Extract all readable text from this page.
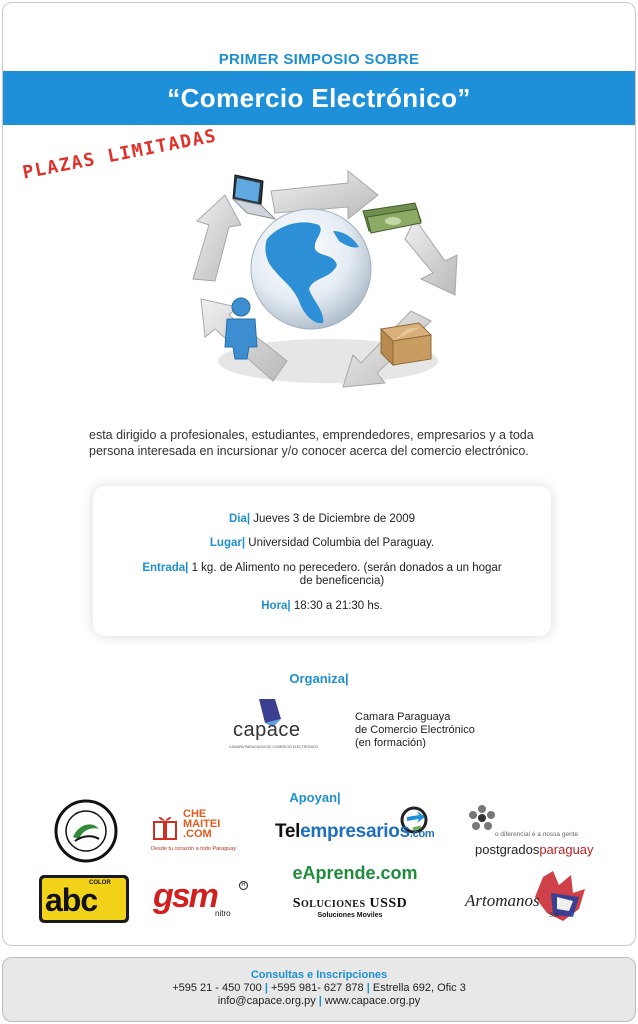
PRIMER SIMPOSIO SOBRE
“Comercio Electrónico”
PLAZAS LIMITADAS

esta dirigido a profesionales, estudiantes, emprendedores, empresarios y a toda persona interesada en incursionar y/o conocer acerca del comercio electrónico.

Dia| Jueves 3 de Diciembre de 2009
Lugar| Universidad Columbia del Paraguay.
Entrada| 1 kg. de Alimento no perecedero. (serán donados a un hogar
de beneficencia)
Hora| 18:30 a 21:30 hs.
Organiza|
capace
CAMARA PARAGUAYA DE COMERCIO ELECTRONICO
Camara Paraguaya
de Comercio Electrónico
(en formación)
Apoyan|
CHE
MAITEI
.COM
Desde tu corazón a todo Paraguay
Telempresarios.com	o diferencial é a nossa gente
postgradosparaguay
eAprende.com
COLOR
abc gsm
nitro
R
Soluciones USSD
Soluciones Moviles
Artomanos
S.A.
Consultas e Inscripciones
+595 21 - 450 700 | +595 981- 627 878 | Estrella 692, Ofic 3
info@capace.org.py | www.capace.org.py
